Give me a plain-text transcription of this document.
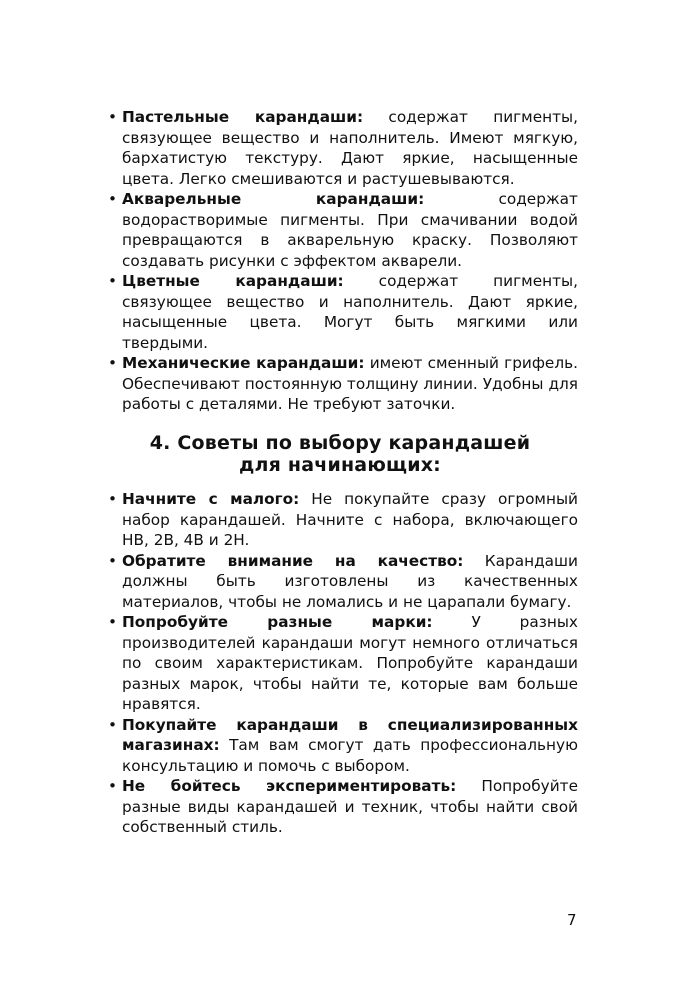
• Пастельные карандаши: содержат пигменты, связующее вещество и наполнитель. Имеют мягкую, бархатистую текстуру. Дают яркие, насыщенные цвета. Легко смешиваются и растушевываются.
• Акварельные карандаши:	содержат водорастворимые пигменты. При смачивании водой превращаются в акварельную краску. Позволяют создавать рисунки с эффектом акварели.
• Цветные карандаши: содержат пигменты, связующее вещество и наполнитель. Дают яркие, насыщенные цвета. Могут быть мягкими или твердыми.
• Механические карандаши: имеют сменный грифель. Обеспечивают постоянную толщину линии. Удобны для работы с деталями. Не требуют заточки.
4. Советы по выбору карандашей
для начинающих:
• Начните с малого: Не покупайте сразу огромный набор карандашей. Начните с набора, включающего HB, 2B, 4B и 2H.
• Обратите внимание на качество: Карандаши должны быть изготовлены из качественных материалов, чтобы не ломались и не царапали бумагу.
• Попробуйте разные марки:	У разных производителей карандаши могут немного отличаться по своим характеристикам. Попробуйте карандаши разных марок, чтобы найти те, которые вам больше нравятся.
• Покупайте карандаши в специализированных магазинах: Там вам смогут дать профессиональную консультацию и помочь с выбором.
• Не бойтесь экспериментировать: Попробуйте разные виды карандашей и техник, чтобы найти свой собственный стиль.
7
